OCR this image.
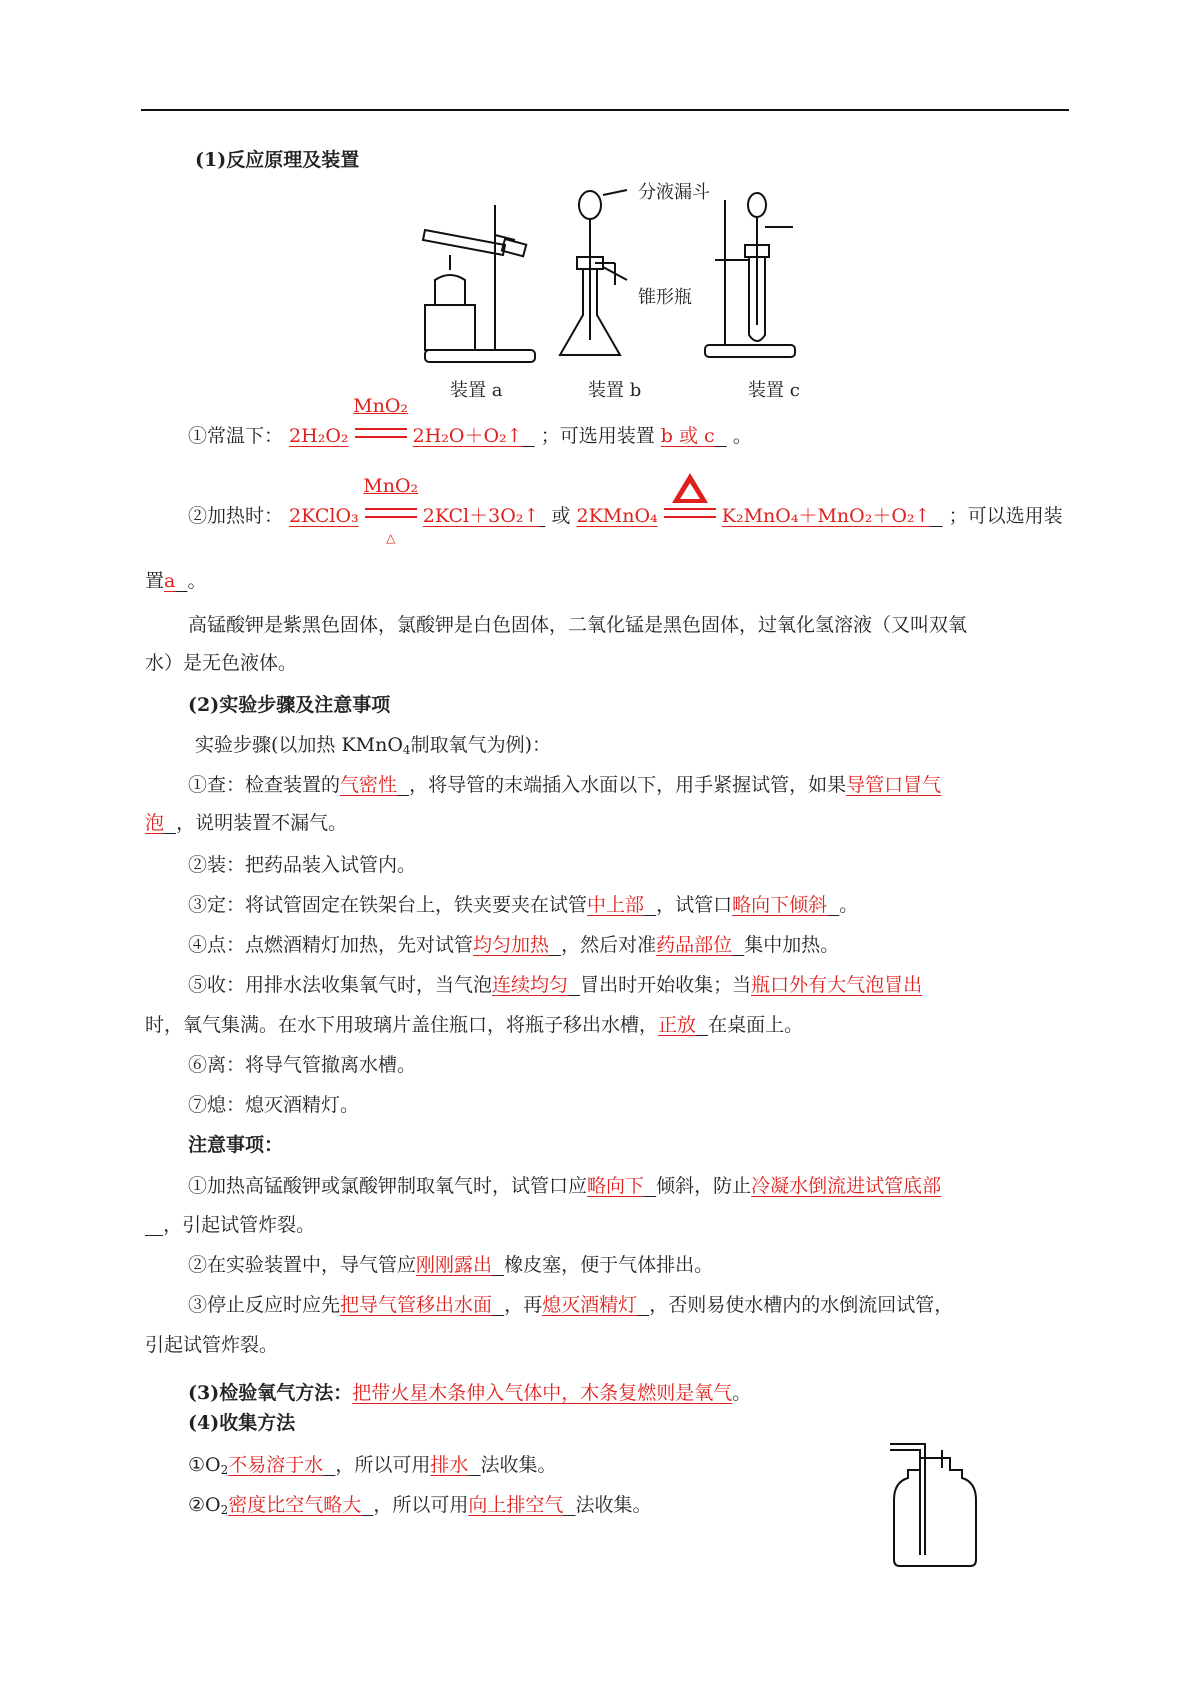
(1)反应原理及装置
分液漏斗
锥形瓶
装置 a	装置 b	装置 c
①常温下： 2H₂O₂
MnO₂
2H₂O＋O₂↑ ；可选用装置 b 或 c 。
②加热时： 2KClO₃
MnO₂
△
2KCl＋3O₂↑ 或 2KMnO₄	K₂MnO₄＋MnO₂＋O₂↑ ；可以选用装
置a 。
高锰酸钾是紫黑色固体，氯酸钾是白色固体，二氧化锰是黑色固体，过氧化氢溶液（又叫双氧
水）是无色液体。
(2)实验步骤及注意事项
实验步骤(以加热 KMnO$_4$制取氧气为例)：
①查：检查装置的气密性 ，将导管的末端插入水面以下，用手紧握试管，如果导管口冒气
泡 ，说明装置不漏气。
②装：把药品装入试管内。
③定：将试管固定在铁架台上，铁夹要夹在试管中上部 ，试管口略向下倾斜 。
④点：点燃酒精灯加热，先对试管均匀加热 ，然后对准药品部位 集中加热。
⑤收：用排水法收集氧气时，当气泡连续均匀 冒出时开始收集；当瓶口外有大气泡冒出
时，氧气集满。在水下用玻璃片盖住瓶口，将瓶子移出水槽，正放 在桌面上。
⑥离：将导气管撤离水槽。
⑦熄：熄灭酒精灯。
注意事项：
①加热高锰酸钾或氯酸钾制取氧气时，试管口应略向下 倾斜，防止冷凝水倒流进试管底部
，引起试管炸裂。
②在实验装置中，导气管应刚刚露出 橡皮塞，便于气体排出。
③停止反应时应先把导气管移出水面 ，再熄灭酒精灯 ，否则易使水槽内的水倒流回试管，
引起试管炸裂。
(3)检验氧气方法：把带火星木条伸入气体中，木条复燃则是氧气。
(4)收集方法
$①O_2$不易溶于水 ，所以可用排水 法收集。
$②O_2$密度比空气略大 ，所以可用向上排空气 法收集。
